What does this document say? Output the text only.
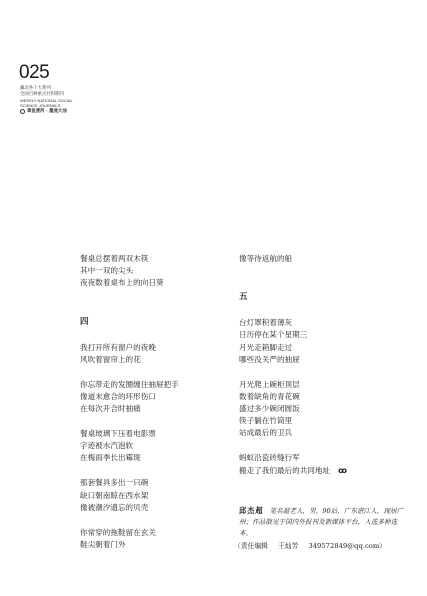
025
藏北各十大系列
全国百种重点社科期刊
WEEKLY NATIONAL SOCIAL
SCIENCE JOURNALS
章鱼渡河 · 墨流大油
餐桌总摆着两双木筷
其中一双的尖头
夜夜数着桌布上的向日葵
四
我打开所有窗户的夜晚
风吹着窗帘上的花
你忘带走的发圈缠住抽屉把手
像道未愈合的环形伤口
在每次开合时抽痛
餐桌玻璃下压着电影票
字迹被水汽泡软
在梅雨季长出霉斑
那套餐具多出一只碗
缺口朝南晾在西水架
像被潮汐遗忘的贝壳
你常穿的拖鞋留在玄关
鞋尖朝着门外
像等待返航的船
五
台灯罩积着薄灰
日历停在某个星期三
月光走箱脚走过
哪些没关严的抽屉
月光爬上碗柜顶层
数着缺角的青花碗
盛过多少碗闭圆饭
筷子躺在竹筒里
站成最后的卫兵
蚂蚁沿瓷砖缝行军
搬走了我们最后的共同地址 ꝏ
邱杰超 笔名超老人，男，90后，广东湛江人，现居广州；作品散见于国内外报刊及新媒体平台，入选多种选本。
（责任编辑 王灿芳 349572849@qq.com）
